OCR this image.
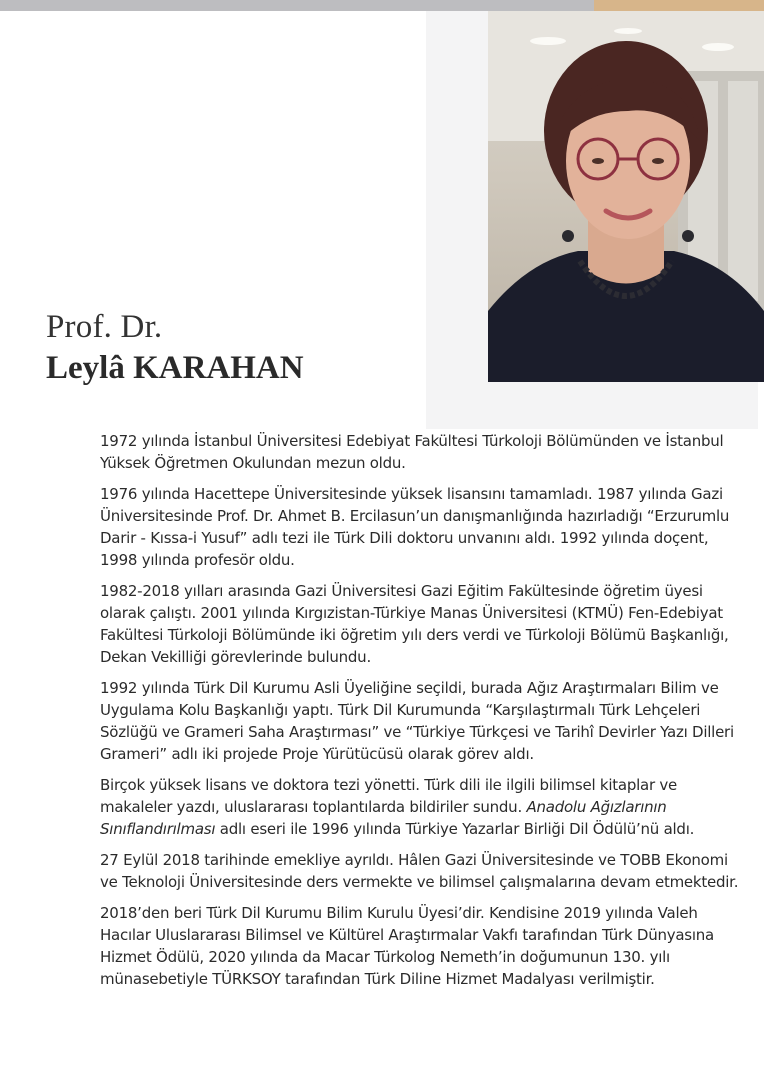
Prof. Dr.
Leylâ KARAHAN

1972 yılında İstanbul Üniversitesi Edebiyat Fakültesi Türkoloji Bölümünden ve İstanbul Yüksek Öğretmen Okulundan mezun oldu.

1976 yılında Hacettepe Üniversitesinde yüksek lisansını tamamladı. 1987 yılında Gazi Üniversitesinde Prof. Dr. Ahmet B. Ercilasun’un danışmanlığında hazırladığı “Erzurumlu Darir - Kıssa-i Yusuf” adlı tezi ile Türk Dili doktoru unvanını aldı. 1992 yılında doçent, 1998 yılında profesör oldu.

1982-2018 yılları arasında Gazi Üniversitesi Gazi Eğitim Fakültesinde öğretim üyesi olarak çalıştı. 2001 yılında Kırgızistan-Türkiye Manas Üniversitesi (KTMÜ) Fen-Edebiyat Fakültesi Türkoloji Bölümünde iki öğretim yılı ders verdi ve Türkoloji Bölümü Başkanlığı, Dekan Vekilliği görevlerinde bulundu.

1992 yılında Türk Dil Kurumu Asli Üyeliğine seçildi, burada Ağız Araştırmaları Bilim ve Uygulama Kolu Başkanlığı yaptı. Türk Dil Kurumunda “Karşılaştırmalı Türk Lehçeleri Sözlüğü ve Grameri Saha Araştırması” ve “Türkiye Türkçesi ve Tarihî Devirler Yazı Dilleri Grameri” adlı iki projede Proje Yürütücüsü olarak görev aldı.

Birçok yüksek lisans ve doktora tezi yönetti. Türk dili ile ilgili bilimsel kitaplar ve makaleler yazdı, uluslararası toplantılarda bildiriler sundu. Anadolu Ağızlarının Sınıflandırılması adlı eseri ile 1996 yılında Türkiye Yazarlar Birliği Dil Ödülü’nü aldı.

27 Eylül 2018 tarihinde emekliye ayrıldı. Hâlen Gazi Üniversitesinde ve TOBB Ekonomi ve Teknoloji Üniversitesinde ders vermekte ve bilimsel çalışmalarına devam etmektedir.

2018’den beri Türk Dil Kurumu Bilim Kurulu Üyesi’dir. Kendisine 2019 yılında Valeh Hacılar Uluslararası Bilimsel ve Kültürel Araştırmalar Vakfı tarafından Türk Dünyasına Hizmet Ödülü, 2020 yılında da Macar Türkolog Nemeth’in doğumunun 130. yılı münasebetiyle TÜRKSOY tarafından Türk Diline Hizmet Madalyası verilmiştir.
